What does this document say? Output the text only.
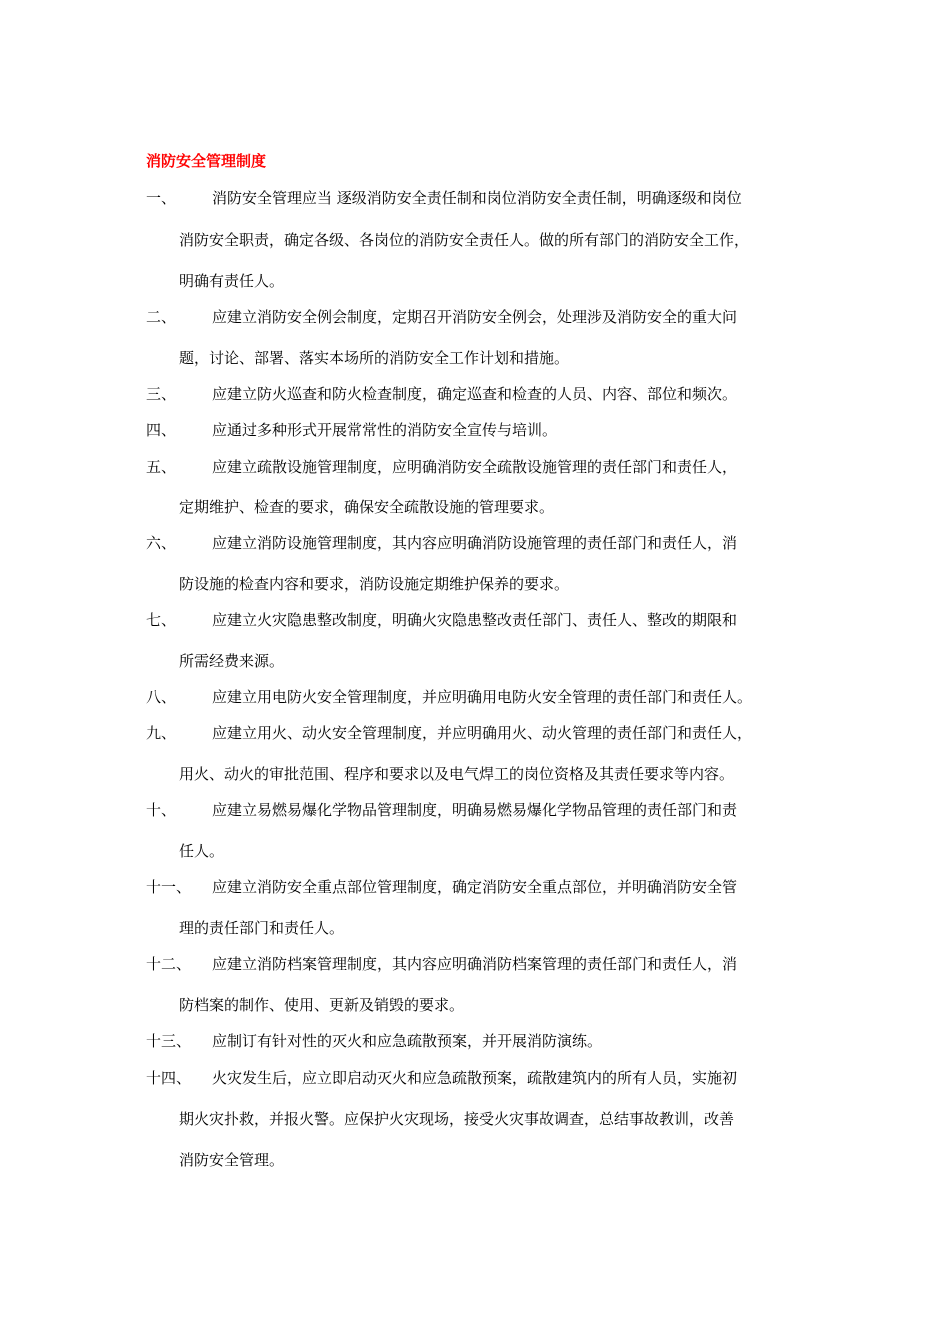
消防安全管理制度
一、 消防安全管理应当 逐级消防安全责任制和岗位消防安全责任制，明确逐级和岗位
消防安全职责，确定各级、各岗位的消防安全责任人。做的所有部门的消防安全工作，
明确有责任人。
二、 应建立消防安全例会制度，定期召开消防安全例会，处理涉及消防安全的重大问
题，讨论、部署、落实本场所的消防安全工作计划和措施。
三、 应建立防火巡查和防火检查制度，确定巡查和检查的人员、内容、部位和频次。
四、 应通过多种形式开展常常性的消防安全宣传与培训。
五、 应建立疏散设施管理制度，应明确消防安全疏散设施管理的责任部门和责任人，
定期维护、检查的要求，确保安全疏散设施的管理要求。
六、 应建立消防设施管理制度，其内容应明确消防设施管理的责任部门和责任人，消
防设施的检查内容和要求，消防设施定期维护保养的要求。
七、 应建立火灾隐患整改制度，明确火灾隐患整改责任部门、责任人、整改的期限和
所需经费来源。
八、 应建立用电防火安全管理制度，并应明确用电防火安全管理的责任部门和责任人。
九、 应建立用火、动火安全管理制度，并应明确用火、动火管理的责任部门和责任人，
用火、动火的审批范围、程序和要求以及电气焊工的岗位资格及其责任要求等内容。
十、 应建立易燃易爆化学物品管理制度，明确易燃易爆化学物品管理的责任部门和责
任人。
十一、 应建立消防安全重点部位管理制度，确定消防安全重点部位，并明确消防安全管
理的责任部门和责任人。
十二、 应建立消防档案管理制度，其内容应明确消防档案管理的责任部门和责任人，消
防档案的制作、使用、更新及销毁的要求。
十三、 应制订有针对性的灭火和应急疏散预案，并开展消防演练。
十四、 火灾发生后，应立即启动灭火和应急疏散预案，疏散建筑内的所有人员，实施初
期火灾扑救，并报火警。应保护火灾现场，接受火灾事故调查，总结事故教训，改善
消防安全管理。
